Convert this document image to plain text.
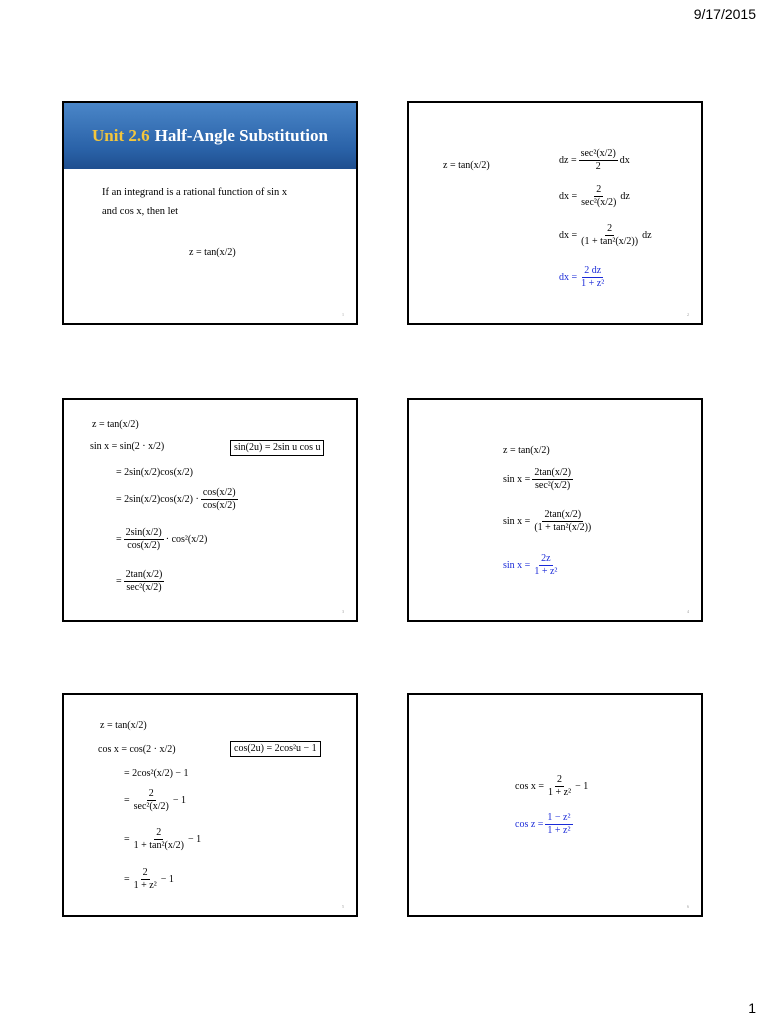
9/17/2015
Unit 2.6 Half-Angle Substitution
If an integrand is a rational function of sin x
and cos x, then let
z = tan(x/2)
1
z = tan(x/2)	dz = $\frac{\text{sec²(x/2)}}{2}$ dx
dx = $\frac{2}{\text{sec²(x/2)}}$ dz
dx = $\frac{2}{\text{(1 + tan²(x/2))}}$ dz
dx = $\frac{2 dz}{\text{1 + z²}}$
2
z = tan(x/2)
sin x = sin(2 · x/2)	sin(2u) = 2sin u cos u
= 2sin(x/2)cos(x/2)
= $2\sin(x/2)\cos(x/2) \cdot \frac{\cos(x/2)}{\cos(x/2)}$
= $\frac{2\sin(x/2)}{\cos(x/2)} \cdot \cos^2(x/2)$
= $\frac{2\tan(x/2)}{\text{sec²(x/2)}}$
3
z = tan(x/2)
$\sin x = \frac{2\tan(x/2)}{\text{sec²(x/2)}}$
$\sin x = \frac{2\tan(x/2)}{\text{(1 + tan²(x/2))}}$
$\sin x = \frac{2z}{\text{1 + z²}}$
4
z = tan(x/2)
cos x = cos(2 · x/2)	cos(2u) = 2cos²u − 1
= 2cos²(x/2) − 1
= $\frac{2}{\text{sec²(x/2)}} - 1$
= $\frac{2}{\text{1 + tan²(x/2)}} - 1$
= $\frac{2}{\text{1 + z²}} - 1$
5
$\cos x = \frac{2}{\text{1 + z²}} - 1$
$\cos z = \frac{\text{1 − z²}}{\text{1 + z²}}$
6
1
